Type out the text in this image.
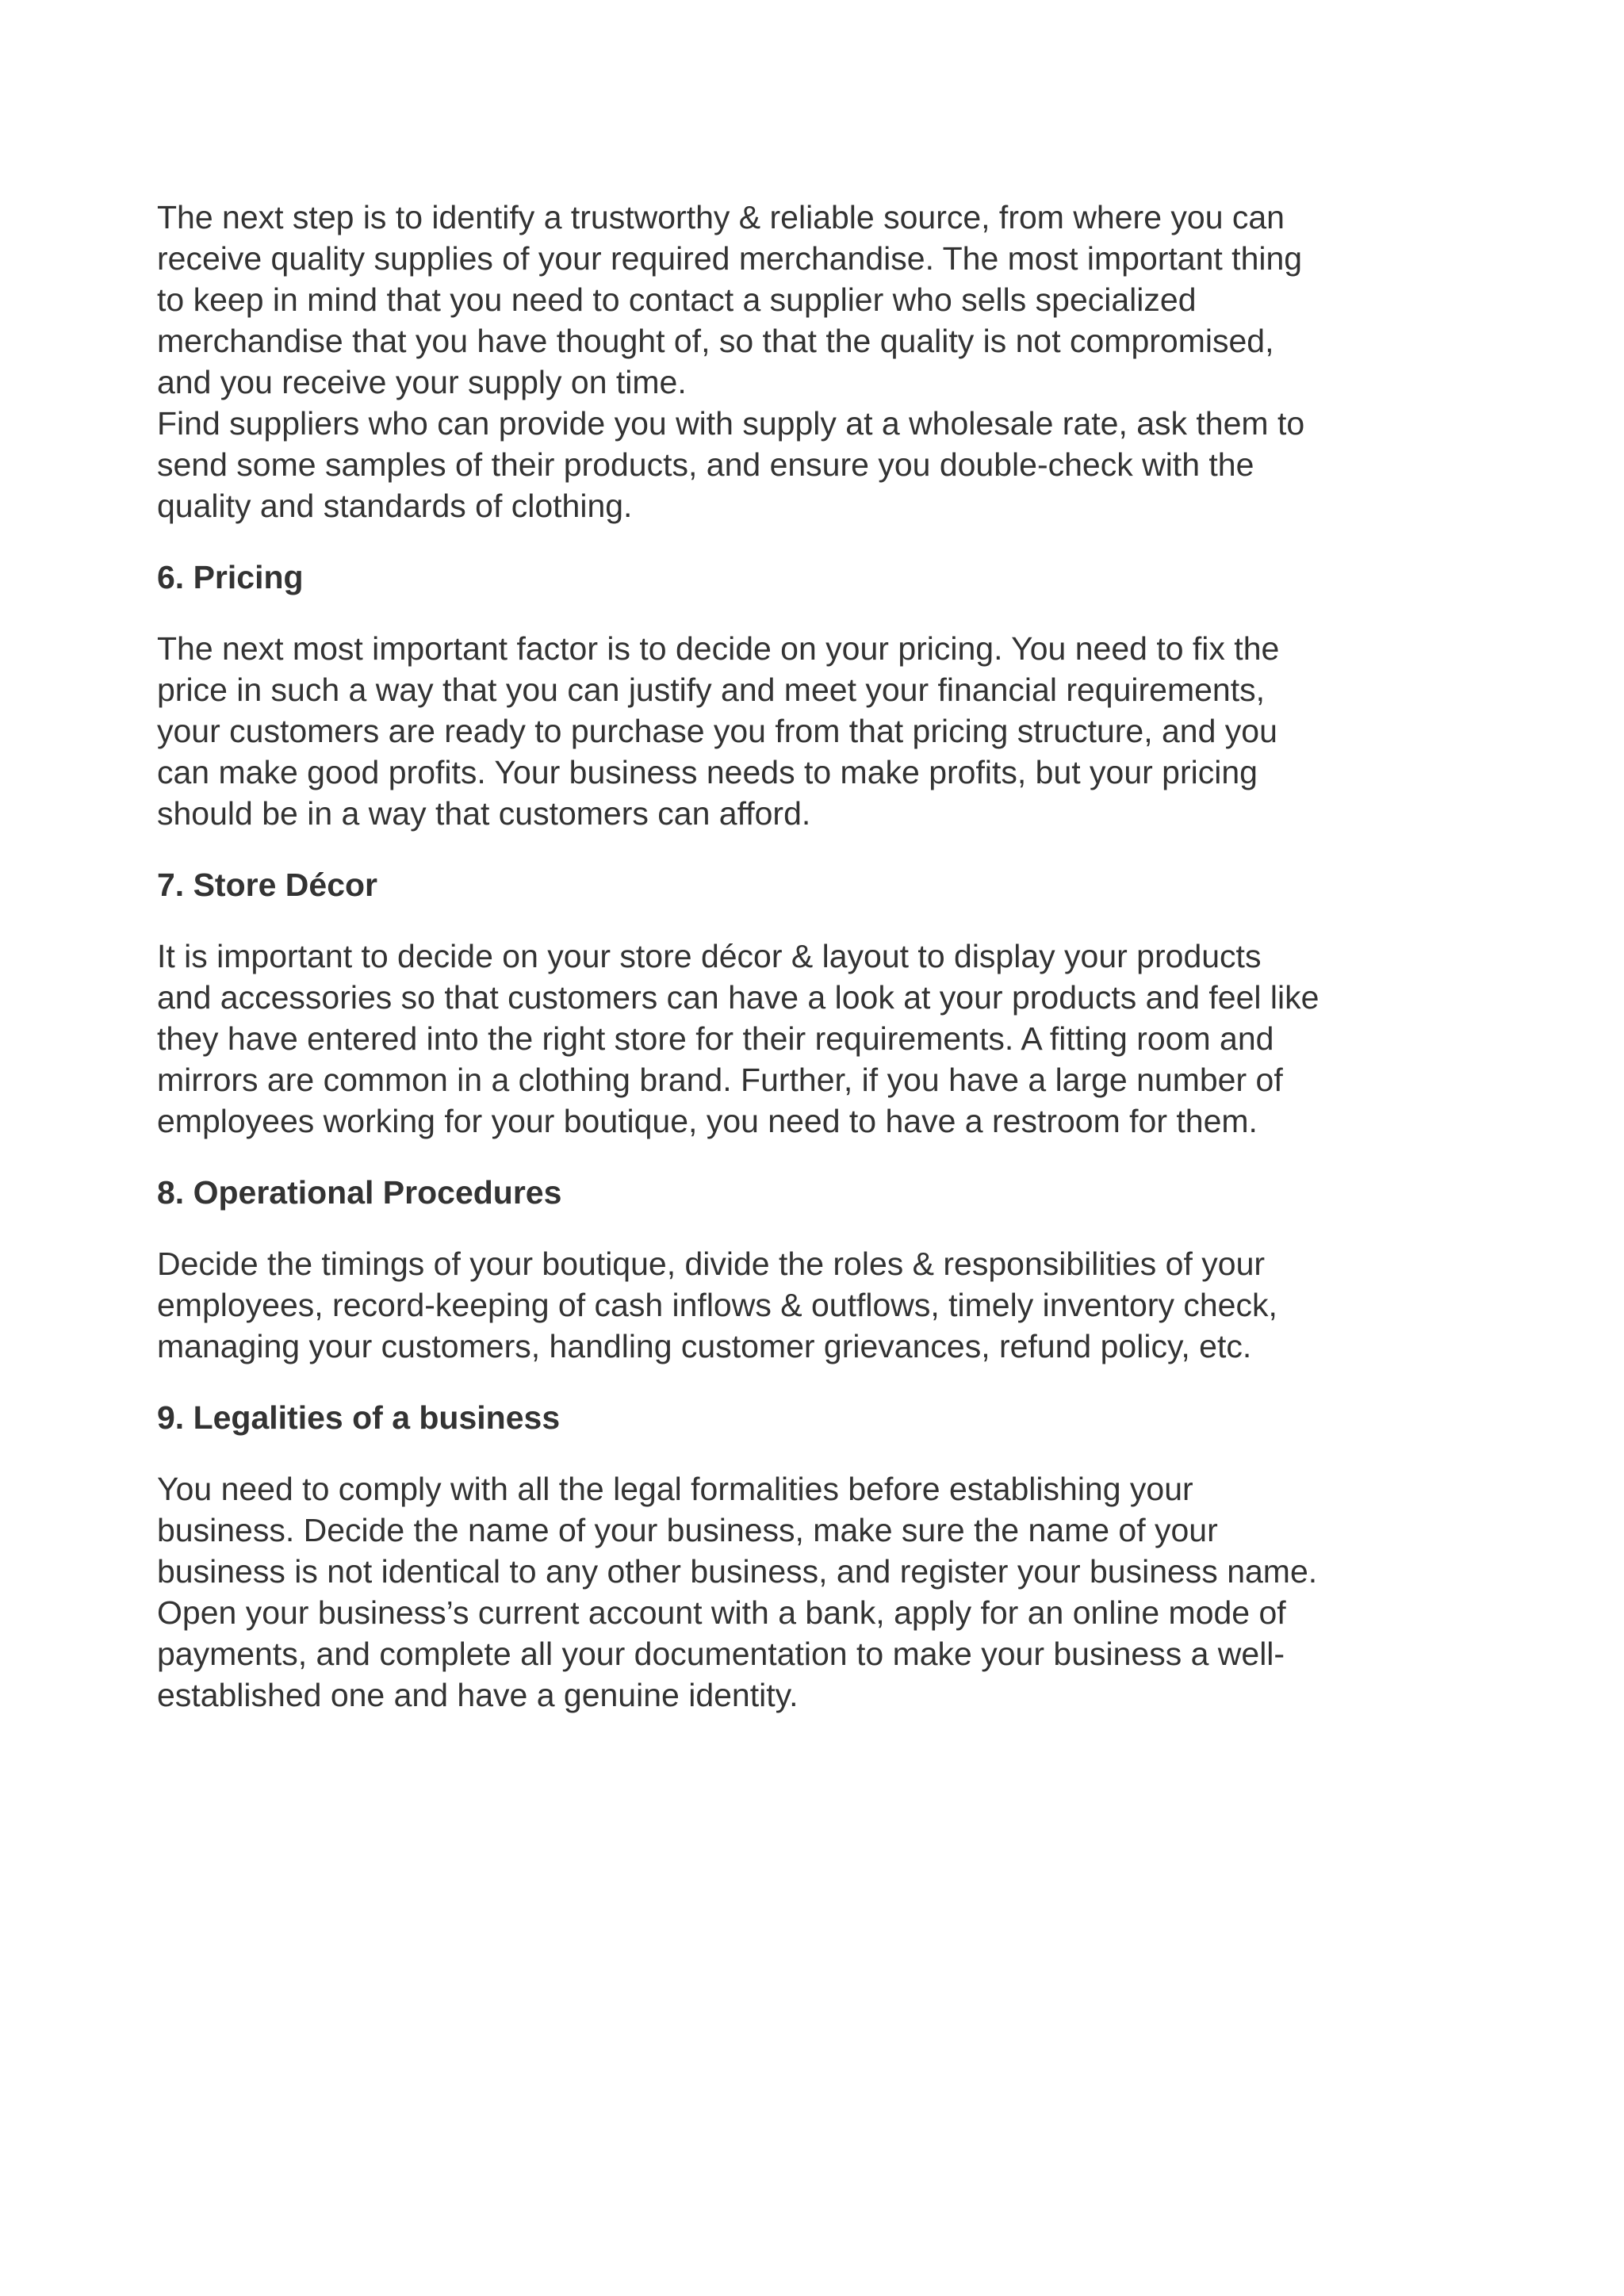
The next step is to identify a trustworthy & reliable source, from where you can
receive quality supplies of your required merchandise. The most important thing
to keep in mind that you need to contact a supplier who sells specialized
merchandise that you have thought of, so that the quality is not compromised,
and you receive your supply on time.
Find suppliers who can provide you with supply at a wholesale rate, ask them to
send some samples of their products, and ensure you double-check with the
quality and standards of clothing.
6. Pricing
The next most important factor is to decide on your pricing. You need to fix the
price in such a way that you can justify and meet your financial requirements,
your customers are ready to purchase you from that pricing structure, and you
can make good profits. Your business needs to make profits, but your pricing
should be in a way that customers can afford.
7. Store Décor
It is important to decide on your store décor & layout to display your products
and accessories so that customers can have a look at your products and feel like
they have entered into the right store for their requirements. A fitting room and
mirrors are common in a clothing brand. Further, if you have a large number of
employees working for your boutique, you need to have a restroom for them.
8. Operational Procedures
Decide the timings of your boutique, divide the roles & responsibilities of your
employees, record-keeping of cash inflows & outflows, timely inventory check,
managing your customers, handling customer grievances, refund policy, etc.
9. Legalities of a business
You need to comply with all the legal formalities before establishing your
business. Decide the name of your business, make sure the name of your
business is not identical to any other business, and register your business name.
Open your business’s current account with a bank, apply for an online mode of
payments, and complete all your documentation to make your business a well-
established one and have a genuine identity.
